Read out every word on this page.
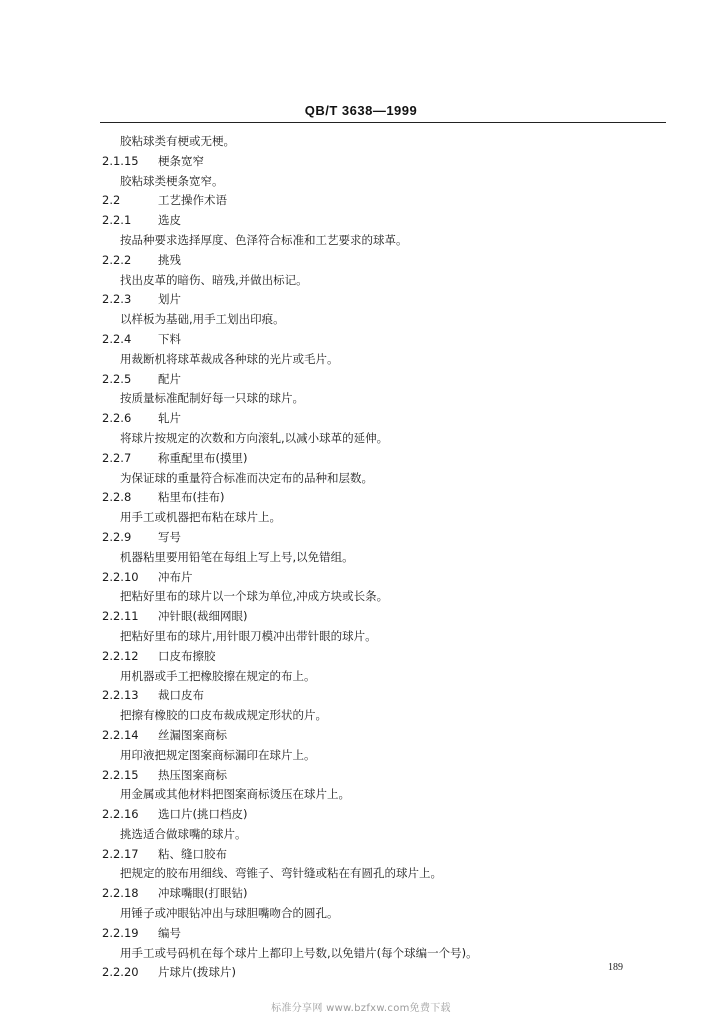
QB/T 3638—1999
胶粘球类有梗或无梗。
2.1.15 梗条宽窄
胶粘球类梗条宽窄。
2.2	工艺操作术语
2.2.1 选皮
按品种要求选择厚度、色泽符合标准和工艺要求的球革。
2.2.2 挑残
找出皮革的暗伤、暗残,并做出标记。
2.2.3 划片
以样板为基础,用手工划出印痕。
2.2.4 下料
用裁断机将球革裁成各种球的光片或毛片。
2.2.5 配片
按质量标准配制好每一只球的球片。
2.2.6 轧片
将球片按规定的次数和方向滚轧,以减小球革的延伸。
2.2.7 称重配里布(摸里)
为保证球的重量符合标准而决定布的品种和层数。
2.2.8 粘里布(挂布)
用手工或机器把布粘在球片上。
2.2.9 写号
机器粘里要用铅笔在每组上写上号,以免错组。
2.2.10 冲布片
把粘好里布的球片以一个球为单位,冲成方块或长条。
2.2.11 冲针眼(裁细网眼)
把粘好里布的球片,用针眼刀模冲出带针眼的球片。
2.2.12 口皮布擦胶
用机器或手工把橡胶擦在规定的布上。
2.2.13 裁口皮布
把擦有橡胶的口皮布裁成规定形状的片。
2.2.14 丝漏图案商标
用印液把规定图案商标漏印在球片上。
2.2.15 热压图案商标
用金属或其他材料把图案商标烫压在球片上。
2.2.16 选口片(挑口档皮)
挑选适合做球嘴的球片。
2.2.17 粘、缝口胶布
把规定的胶布用细线、弯锥子、弯针缝或粘在有圆孔的球片上。
2.2.18 冲球嘴眼(打眼钻)
用锤子或冲眼钻冲出与球胆嘴吻合的圆孔。
2.2.19 编号
用手工或号码机在每个球片上都印上号数,以免错片(每个球编一个号)。
2.2.20 片球片(拨球片)	189
标准分享网 www.bzfxw.com免费下载
